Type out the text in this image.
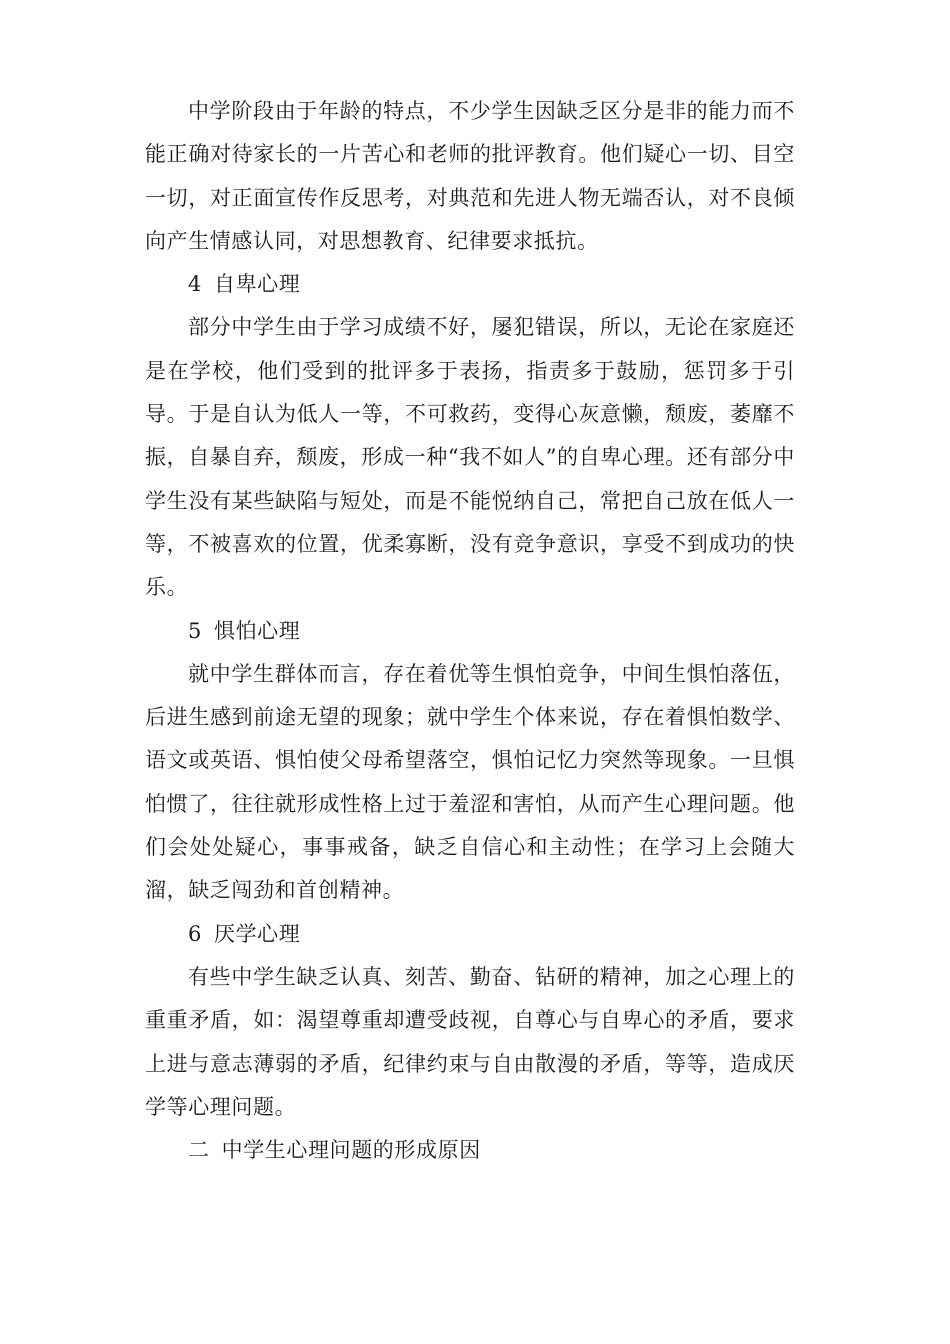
中学阶段由于年龄的特点，不少学生因缺乏区分是非的能力而不能正确对待家长的一片苦心和老师的批评教育。他们疑心一切、目空一切，对正面宣传作反思考，对典范和先进人物无端否认，对不良倾向产生情感认同，对思想教育、纪律要求抵抗。

4 自卑心理

部分中学生由于学习成绩不好，屡犯错误，所以，无论在家庭还是在学校，他们受到的批评多于表扬，指责多于鼓励，惩罚多于引导。于是自认为低人一等，不可救药，变得心灰意懒，颓废，萎靡不振，自暴自弃，颓废，形成一种“我不如人”的自卑心理。还有部分中学生没有某些缺陷与短处，而是不能悦纳自己，常把自己放在低人一等，不被喜欢的位置，优柔寡断，没有竞争意识，享受不到成功的快乐。

5 惧怕心理

就中学生群体而言，存在着优等生惧怕竞争，中间生惧怕落伍，后进生感到前途无望的现象；就中学生个体来说，存在着惧怕数学、语文或英语、惧怕使父母希望落空，惧怕记忆力突然等现象。一旦惧怕惯了，往往就形成性格上过于羞涩和害怕，从而产生心理问题。他们会处处疑心，事事戒备，缺乏自信心和主动性；在学习上会随大溜，缺乏闯劲和首创精神。

6 厌学心理

有些中学生缺乏认真、刻苦、勤奋、钻研的精神，加之心理上的重重矛盾，如：渴望尊重却遭受歧视，自尊心与自卑心的矛盾，要求上进与意志薄弱的矛盾，纪律约束与自由散漫的矛盾，等等，造成厌学等心理问题。

二 中学生心理问题的形成原因
